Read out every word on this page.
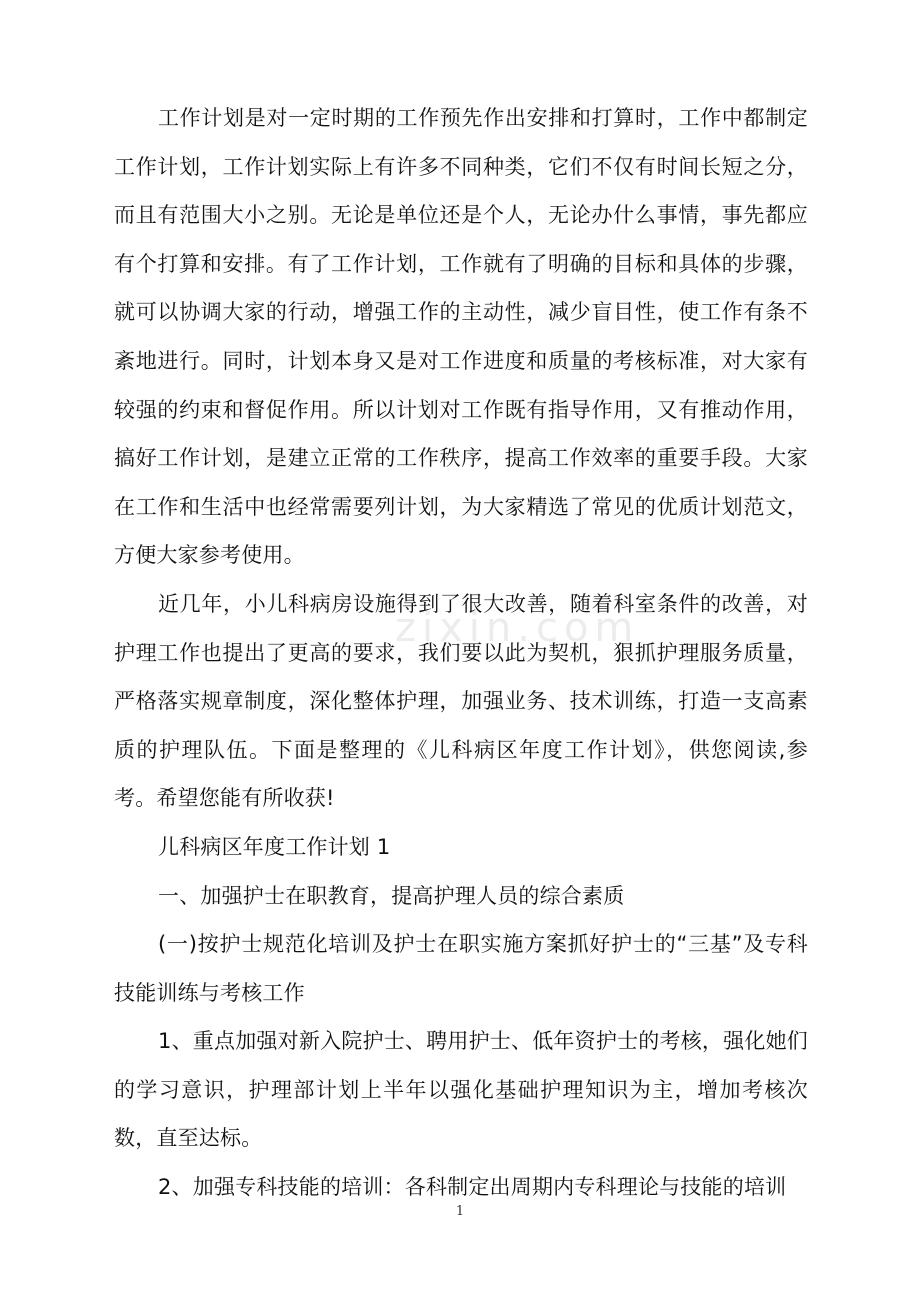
zixin.com

工作计划是对一定时期的工作预先作出安排和打算时，工作中都制定工作计划，工作计划实际上有许多不同种类，它们不仅有时间长短之分，而且有范围大小之别。无论是单位还是个人，无论办什么事情，事先都应有个打算和安排。有了工作计划，工作就有了明确的目标和具体的步骤，就可以协调大家的行动，增强工作的主动性，减少盲目性，使工作有条不紊地进行。同时，计划本身又是对工作进度和质量的考核标准，对大家有较强的约束和督促作用。所以计划对工作既有指导作用，又有推动作用，搞好工作计划，是建立正常的工作秩序，提高工作效率的重要手段。大家在工作和生活中也经常需要列计划，为大家精选了常见的优质计划范文，方便大家参考使用。

近几年，小儿科病房设施得到了很大改善，随着科室条件的改善，对护理工作也提出了更高的要求，我们要以此为契机，狠抓护理服务质量，严格落实规章制度，深化整体护理，加强业务、技术训练，打造一支高素质的护理队伍。下面是整理的《儿科病区年度工作计划》，供您阅读,参考。希望您能有所收获!

儿科病区年度工作计划 1

一、加强护士在职教育，提高护理人员的综合素质

(一)按护士规范化培训及护士在职实施方案抓好护士的“三基”及专科技能训练与考核工作

1、重点加强对新入院护士、聘用护士、低年资护士的考核，强化她们的学习意识，护理部计划上半年以强化基础护理知识为主，增加考核次数，直至达标。

2、加强专科技能的培训：各科制定出周期内专科理论与技能的培训

1
